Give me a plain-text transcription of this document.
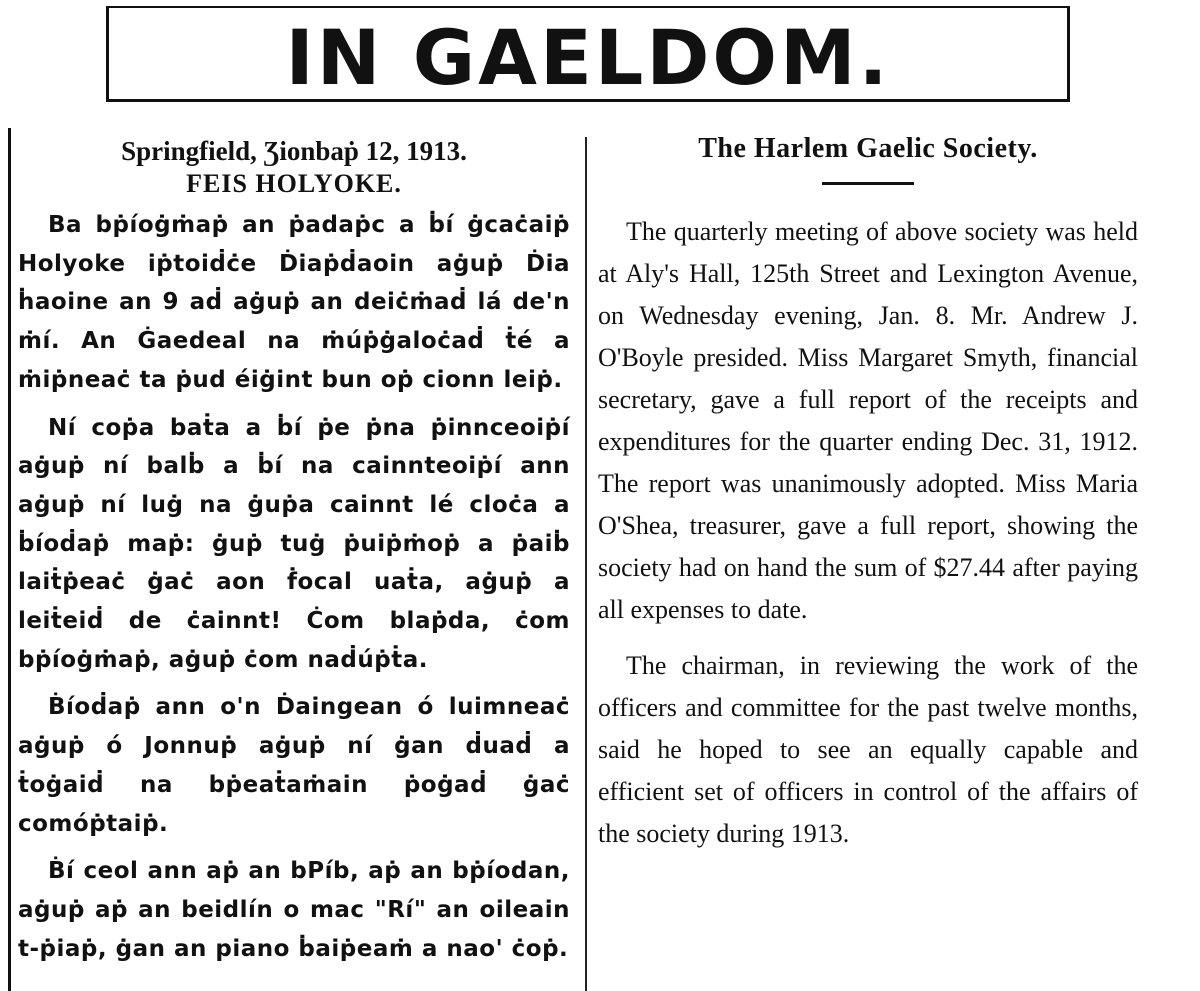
IN GAELDOM.
Springfield, Ʒionbaṗ 12, 1913.
FEIS HOLYOKE.

Ba bṗíoġṁaṗ an ṗadaṗc a ḃí ġcaċaiṗ Holyoke iṗtoiḋċe Ḋiaṗḋaoin aġuṗ Ḋia ḣaoine an 9 aḋ aġuṗ an deiċṁaḋ lá de'n ṁí. An Ġaedeal na ṁúṗġaloċaḋ ṫé a ṁiṗneaċ ta ṗud éiġint bun oṗ cionn leiṗ.

Ní coṗa baṫa a ḃí ṗe ṗna ṗinnceoiṗí aġuṗ ní balḃ a ḃí na cainnteoiṗí ann aġuṗ ní luġ na ġuṗa cainnt lé cloċa a ḃíoḋaṗ maṗ: ġuṗ tuġ ṗuiṗṁoṗ a ṗaiḃ laiṫṗeaċ ġaċ aon ḟocal uaṫa, aġuṗ a leiṫeiḋ de ċainnt! Ċom blaṗda, ċom bṗíoġṁaṗ, aġuṗ ċom naḋúṗṫa.

Ḃíoḋaṗ ann o'n Ḋaingean ó luimneaċ aġuṗ ó Jonnuṗ aġuṗ ní ġan ḋuaḋ a ṫoġaiḋ na bṗeaṫaṁain ṗoġaḋ ġaċ comóṗtaiṗ.

Ḃí ceol ann aṗ an bPíb, aṗ an bṗíodan, aġuṗ aṗ an beidlín o mac "Rí" an oileain t-ṗiaṗ, ġan an piano ḃaiṗeaṁ a nao' ċoṗ.

The Harlem Gaelic Society.

The quarterly meeting of above society was held at Aly's Hall, 125th Street and Lexington Avenue, on Wednesday evening, Jan. 8. Mr. Andrew J. O'Boyle presided. Miss Margaret Smyth, financial secretary, gave a full report of the receipts and expenditures for the quarter ending Dec. 31, 1912. The report was unanimously adopted. Miss Maria O'Shea, treasurer, gave a full report, showing the society had on hand the sum of $27.44 after paying all expenses to date.

The chairman, in reviewing the work of the officers and committee for the past twelve months, said he hoped to see an equally capable and efficient set of officers in control of the affairs of the society during 1913.
